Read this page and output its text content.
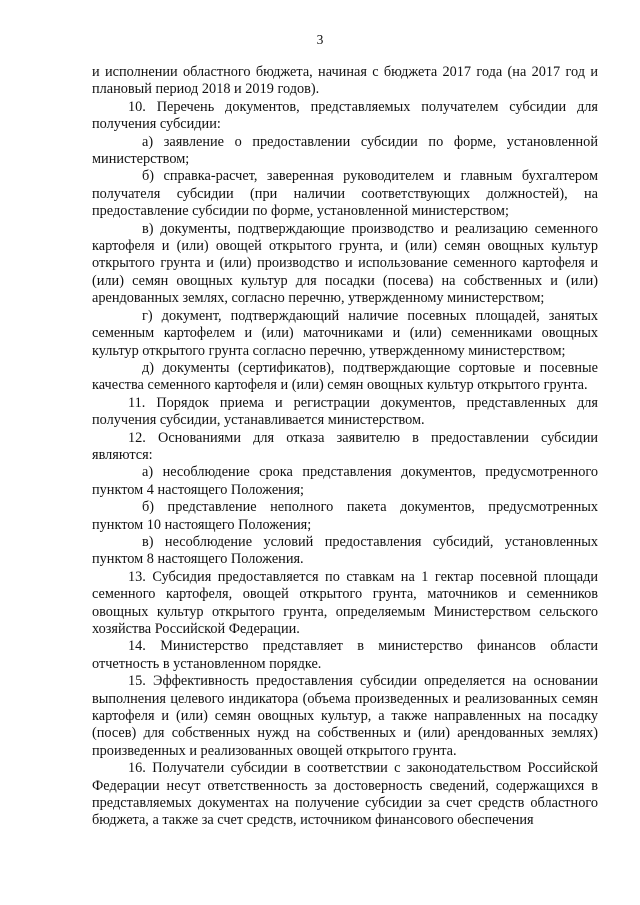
3

и исполнении областного бюджета, начиная с бюджета 2017 года (на 2017 год и плановый период 2018 и 2019 годов).

10. Перечень документов, представляемых получателем субсидии для получения субсидии:

а) заявление о предоставлении субсидии по форме, установленной министерством;

б) справка-расчет, заверенная руководителем и главным бухгалтером получателя субсидии (при наличии соответствующих должностей), на предоставление субсидии по форме, установленной министерством;

в) документы, подтверждающие производство и реализацию семенного картофеля и (или) овощей открытого грунта, и (или) семян овощных культур открытого грунта и (или) производство и использование семенного картофеля и (или) семян овощных культур для посадки (посева) на собственных и (или) арендованных землях, согласно перечню, утвержденному министерством;

г) документ, подтверждающий наличие посевных площадей, занятых семенным картофелем и (или) маточниками и (или) семенниками овощных культур открытого грунта согласно перечню, утвержденному министерством;

д) документы (сертификатов), подтверждающие сортовые и посевные качества семенного картофеля и (или) семян овощных культур открытого грунта.

11. Порядок приема и регистрации документов, представленных для получения субсидии, устанавливается министерством.

12. Основаниями для отказа заявителю в предоставлении субсидии являются:

а) несоблюдение срока представления документов, предусмотренного пунктом 4 настоящего Положения;

б) представление неполного пакета документов, предусмотренных пунктом 10 настоящего Положения;

в) несоблюдение условий предоставления субсидий, установленных пунктом 8 настоящего Положения.

13. Субсидия предоставляется по ставкам на 1 гектар посевной площади семенного картофеля, овощей открытого грунта, маточников и семенников овощных культур открытого грунта, определяемым Министерством сельского хозяйства Российской Федерации.

14. Министерство представляет в министерство финансов области отчетность в установленном порядке.

15. Эффективность предоставления субсидии определяется на основании выполнения целевого индикатора (объема произведенных и реализованных семян картофеля и (или) семян овощных культур, а также направленных на посадку (посев) для собственных нужд на собственных и (или) арендованных землях) произведенных и реализованных овощей открытого грунта.

16. Получатели субсидии в соответствии с законодательством Российской Федерации несут ответственность за достоверность сведений, содержащихся в представляемых документах на получение субсидии за счет средств областного бюджета, а также за счет средств, источником финансового обеспечения
